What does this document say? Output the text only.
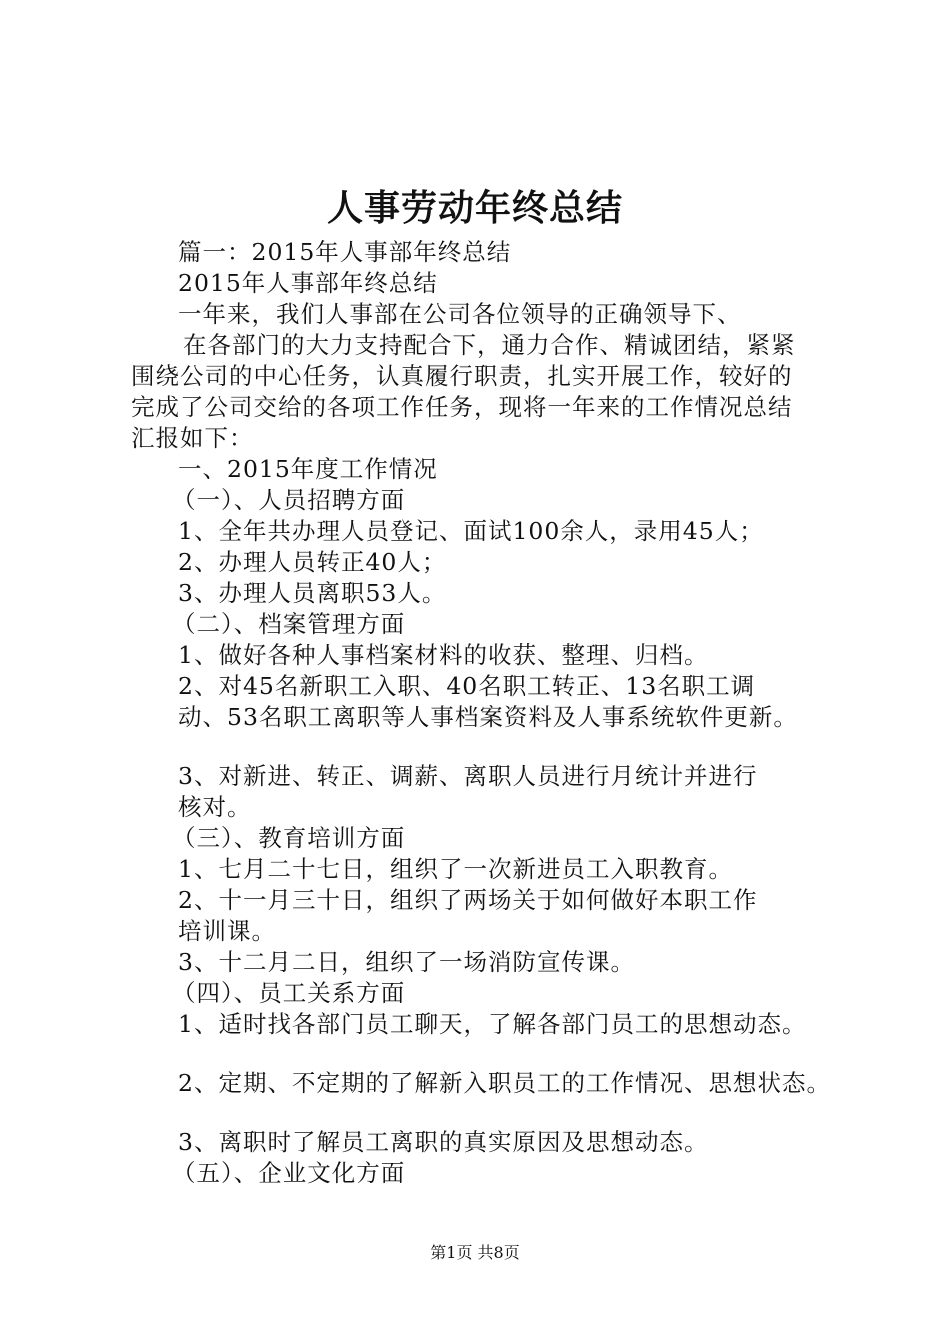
人事劳动年终总结
篇一：2015年人事部年终总结
2015年人事部年终总结
一年来，我们人事部在公司各位领导的正确领导下、
在各部门的大力支持配合下，通力合作、精诚团结，紧紧
围绕公司的中心任务，认真履行职责，扎实开展工作，较好的
完成了公司交给的各项工作任务，现将一年来的工作情况总结
汇报如下：
一、2015年度工作情况
（一）、人员招聘方面
1、全年共办理人员登记、面试100余人，录用45人；
2、办理人员转正40人；
3、办理人员离职53人。
（二）、档案管理方面
1、做好各种人事档案材料的收获、整理、归档。
2、对45名新职工入职、40名职工转正、13名职工调
动、53名职工离职等人事档案资料及人事系统软件更新。
3、对新进、转正、调薪、离职人员进行月统计并进行
核对。
（三）、教育培训方面
1、七月二十七日，组织了一次新进员工入职教育。
2、十一月三十日，组织了两场关于如何做好本职工作
培训课。
3、十二月二日，组织了一场消防宣传课。
（四）、员工关系方面
1、适时找各部门员工聊天，了解各部门员工的思想动态。
2、定期、不定期的了解新入职员工的工作情况、思想状态。
3、离职时了解员工离职的真实原因及思想动态。
（五）、企业文化方面
第1页 共8页
